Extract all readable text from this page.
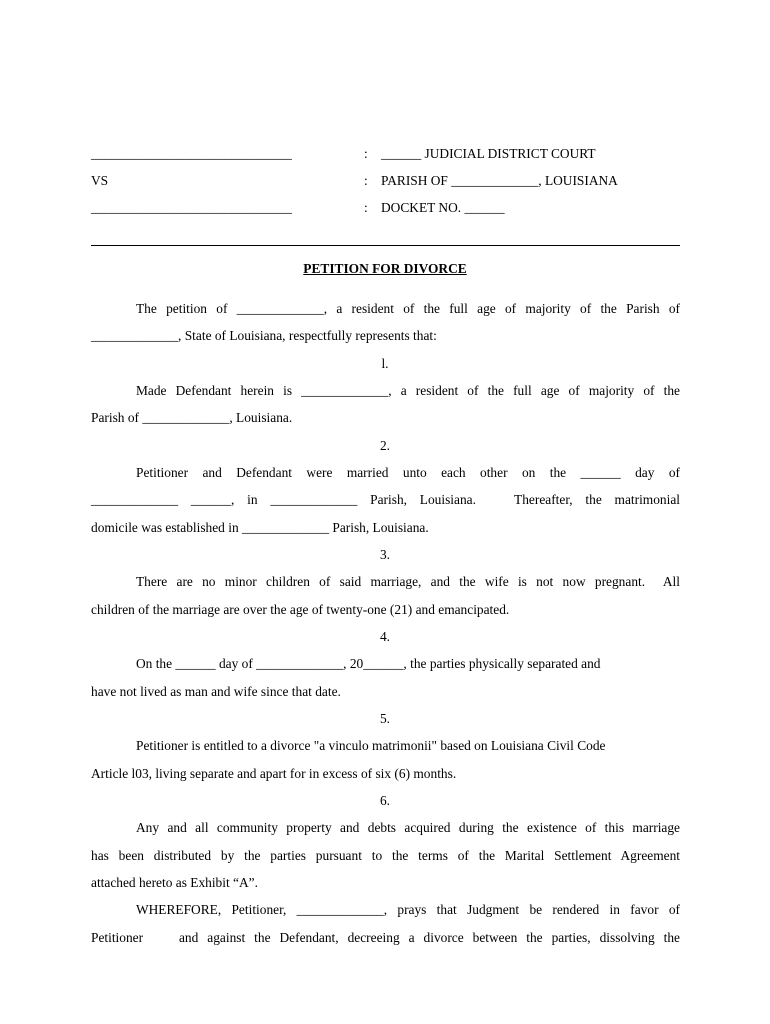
______________________________	: ______ JUDICIAL DISTRICT COURT
VS	: PARISH OF _____________, LOUISIANA
______________________________	: DOCKET NO. ______
PETITION FOR DIVORCE
The petition of _____________, a resident of the full age of majority of the Parish of
_____________, State of Louisiana, respectfully represents that:
l.
Made Defendant herein is _____________, a resident of the full age of majority of the
Parish of _____________, Louisiana.
2.
Petitioner and Defendant were married unto each other on the ______ day of
_____________ ______, in _____________ Parish, Louisiana.   Thereafter, the matrimonial
domicile was established in _____________ Parish, Louisiana.
3.
There are no minor children of said marriage, and the wife is not now pregnant.  All
children of the marriage are over the age of twenty-one (21) and emancipated.
4.
On the ______ day of _____________, 20______, the parties physically separated and
have not lived as man and wife since that date.
5.
Petitioner is entitled to a divorce "a vinculo matrimonii" based on Louisiana Civil Code
Article l03, living separate and apart for in excess of six (6) months.
6.
Any and all community property and debts acquired during the existence of this marriage
has been distributed by the parties pursuant to the terms of the Marital Settlement Agreement
attached hereto as Exhibit “A”.
WHEREFORE, Petitioner, _____________, prays that Judgment be rendered in favor of
Petitioner    and against the Defendant, decreeing a divorce between the parties, dissolving the
